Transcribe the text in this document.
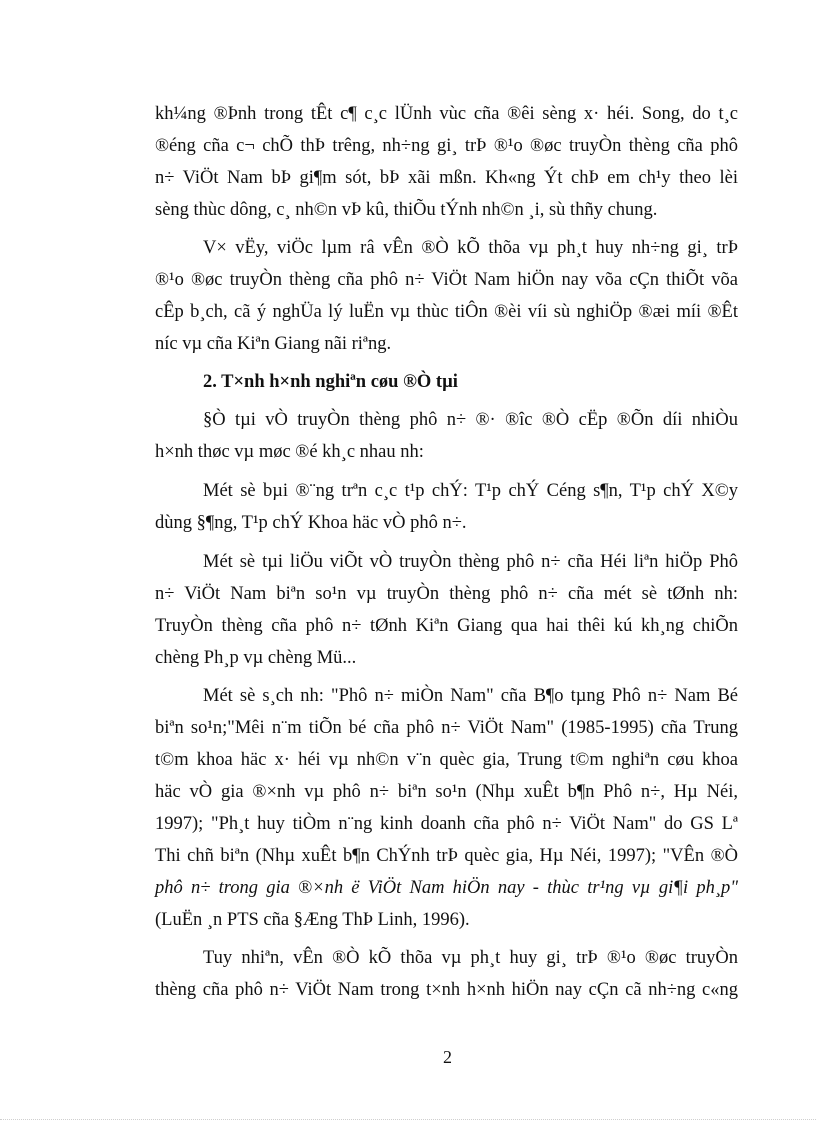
kh¼ng ®Þnh trong tÊt c¶ c¸c lÜnh vùc cña ®êi sèng x· héi. Song, do t¸c

®éng cña c¬ chÕ thÞ trêng, nh÷ng gi¸ trÞ ®¹o ®øc truyÒn thèng cña phô

n÷ ViÖt Nam bÞ gi¶m sót, bÞ xãi mßn. Kh«ng Ýt chÞ em ch¹y theo lèi

sèng thùc dông, c¸ nh©n vÞ kû, thiÕu tÝnh nh©n ¸i, sù thñy chung.

V× vËy, viÖc lµm râ vÊn ®Ò kÕ thõa vµ ph¸t huy nh÷ng gi¸ trÞ

®¹o ®øc truyÒn thèng cña phô n÷ ViÖt Nam hiÖn nay võa cÇn thiÕt võa

cÊp b¸ch, cã ý nghÜa lý luËn vµ thùc tiÔn ®èi víi sù nghiÖp ®æi míi ®Êt

níc vµ cña Kiªn Giang nãi riªng.

2. T×nh h×nh nghiªn cøu ®Ò tµi

§Ò tµi vÒ truyÒn thèng phô n÷ ®· ®îc ®Ò cËp ®Õn díi nhiÒu

h×nh thøc vµ møc ®é kh¸c nhau nh:

Mét sè bµi ®¨ng trªn c¸c t¹p chÝ: T¹p chÝ Céng s¶n, T¹p chÝ X©y

dùng §¶ng, T¹p chÝ Khoa häc vÒ phô n÷.

Mét sè tµi liÖu viÕt vÒ truyÒn thèng phô n÷ cña Héi liªn hiÖp Phô

n÷ ViÖt Nam biªn so¹n vµ truyÒn thèng phô n÷ cña mét sè tØnh nh:

TruyÒn thèng cña phô n÷ tØnh Kiªn Giang qua hai thêi kú kh¸ng chiÕn

chèng Ph¸p vµ chèng Mü...

Mét sè s¸ch nh: "Phô n÷ miÒn Nam" cña B¶o tµng Phô n÷ Nam Bé

biªn so¹n;"Mêi n¨m tiÕn bé cña phô n÷ ViÖt Nam" (1985-1995) cña Trung

t©m khoa häc x· héi vµ nh©n v¨n quèc gia, Trung t©m nghiªn cøu khoa

häc vÒ gia ®×nh vµ phô n÷ biªn so¹n (Nhµ xuÊt b¶n Phô n÷, Hµ Néi,

1997); "Ph¸t huy tiÒm n¨ng kinh doanh cña phô n÷ ViÖt Nam" do GS Lª

Thi chñ biªn (Nhµ xuÊt b¶n ChÝnh trÞ quèc gia, Hµ Néi, 1997); "VÊn ®Ò

phô n÷ trong gia ®×nh ë ViÖt Nam hiÖn nay - thùc tr¹ng vµ gi¶i ph¸p"

(LuËn ¸n PTS cña §Æng ThÞ Linh, 1996).

Tuy nhiªn, vÊn ®Ò kÕ thõa vµ ph¸t huy gi¸ trÞ ®¹o ®øc truyÒn

thèng cña phô n÷ ViÖt Nam trong t×nh h×nh hiÖn nay cÇn cã nh÷ng c«ng

2
